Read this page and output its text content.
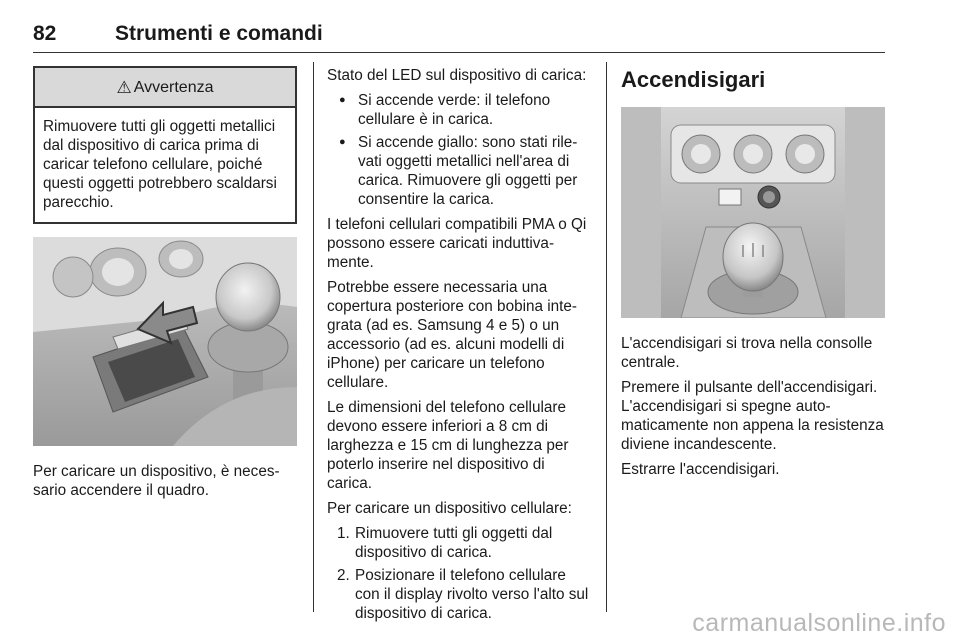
82	Strumenti e comandi
⚠ Avvertenza
Rimuovere tutti gli oggetti metallici dal dispositivo di carica prima di caricar telefono cellulare, poiché questi oggetti potrebbero scaldarsi parecchio.

Per caricare un dispositivo, è necessario accendere il quadro.

Stato del LED sul dispositivo di carica:

● Si accende verde: il telefono cellulare è in carica.
● Si accende giallo: sono stati rilevati oggetti metallici nell'area di carica. Rimuovere gli oggetti per consentire la carica.

I telefoni cellulari compatibili PMA o Qi possono essere caricati induttivamente.

Potrebbe essere necessaria una copertura posteriore con bobina integrata (ad es. Samsung 4 e 5) o un accessorio (ad es. alcuni modelli di iPhone) per caricare un telefono cellulare.

Le dimensioni del telefono cellulare devono essere inferiori a 8 cm di larghezza e 15 cm di lunghezza per poterlo inserire nel dispositivo di carica.

Per caricare un dispositivo cellulare:

1. Rimuovere tutti gli oggetti dal dispositivo di carica.
2. Posizionare il telefono cellulare con il display rivolto verso l'alto sul dispositivo di carica.
Accendisigari

L'accendisigari si trova nella consolle centrale.

Premere il pulsante dell'accendisigari. L'accendisigari si spegne automaticamente non appena la resistenza diviene incandescente.

Estrarre l'accendisigari.

carmanualsonline.info
